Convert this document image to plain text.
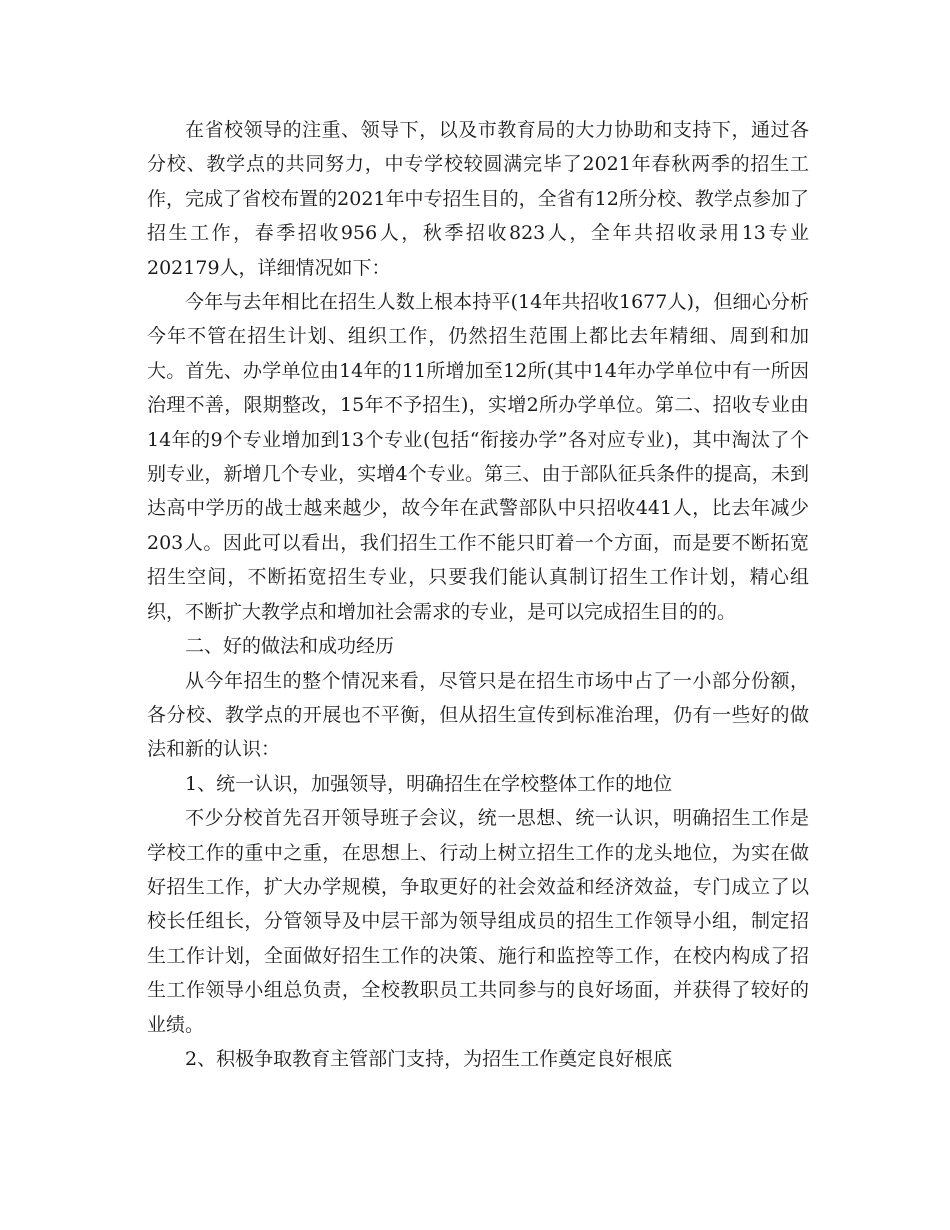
在省校领导的注重、领导下，以及市教育局的大力协助和支持下，通过各分校、教学点的共同努力，中专学校较圆满完毕了2021年春秋两季的招生工作，完成了省校布置的2021年中专招生目的，全省有12所分校、教学点参加了招生工作，春季招收956人，秋季招收823人，全年共招收录用13专业202179人，详细情况如下：

今年与去年相比在招生人数上根本持平(14年共招收1677人)，但细心分析今年不管在招生计划、组织工作，仍然招生范围上都比去年精细、周到和加大。首先、办学单位由14年的11所增加至12所(其中14年办学单位中有一所因治理不善，限期整改，15年不予招生)，实增2所办学单位。第二、招收专业由14年的9个专业增加到13个专业(包括“衔接办学”各对应专业)，其中淘汰了个别专业，新增几个专业，实增4个专业。第三、由于部队征兵条件的提高，未到达高中学历的战士越来越少，故今年在武警部队中只招收441人，比去年减少203人。因此可以看出，我们招生工作不能只盯着一个方面，而是要不断拓宽招生空间，不断拓宽招生专业，只要我们能认真制订招生工作计划，精心组织，不断扩大教学点和增加社会需求的专业，是可以完成招生目的的。

二、好的做法和成功经历

从今年招生的整个情况来看，尽管只是在招生市场中占了一小部分份额，各分校、教学点的开展也不平衡，但从招生宣传到标准治理，仍有一些好的做法和新的认识：

1、统一认识，加强领导，明确招生在学校整体工作的地位

不少分校首先召开领导班子会议，统一思想、统一认识，明确招生工作是学校工作的重中之重，在思想上、行动上树立招生工作的龙头地位，为实在做好招生工作，扩大办学规模，争取更好的社会效益和经济效益，专门成立了以校长任组长，分管领导及中层干部为领导组成员的招生工作领导小组，制定招生工作计划，全面做好招生工作的决策、施行和监控等工作，在校内构成了招生工作领导小组总负责，全校教职员工共同参与的良好场面，并获得了较好的业绩。

2、积极争取教育主管部门支持，为招生工作奠定良好根底
